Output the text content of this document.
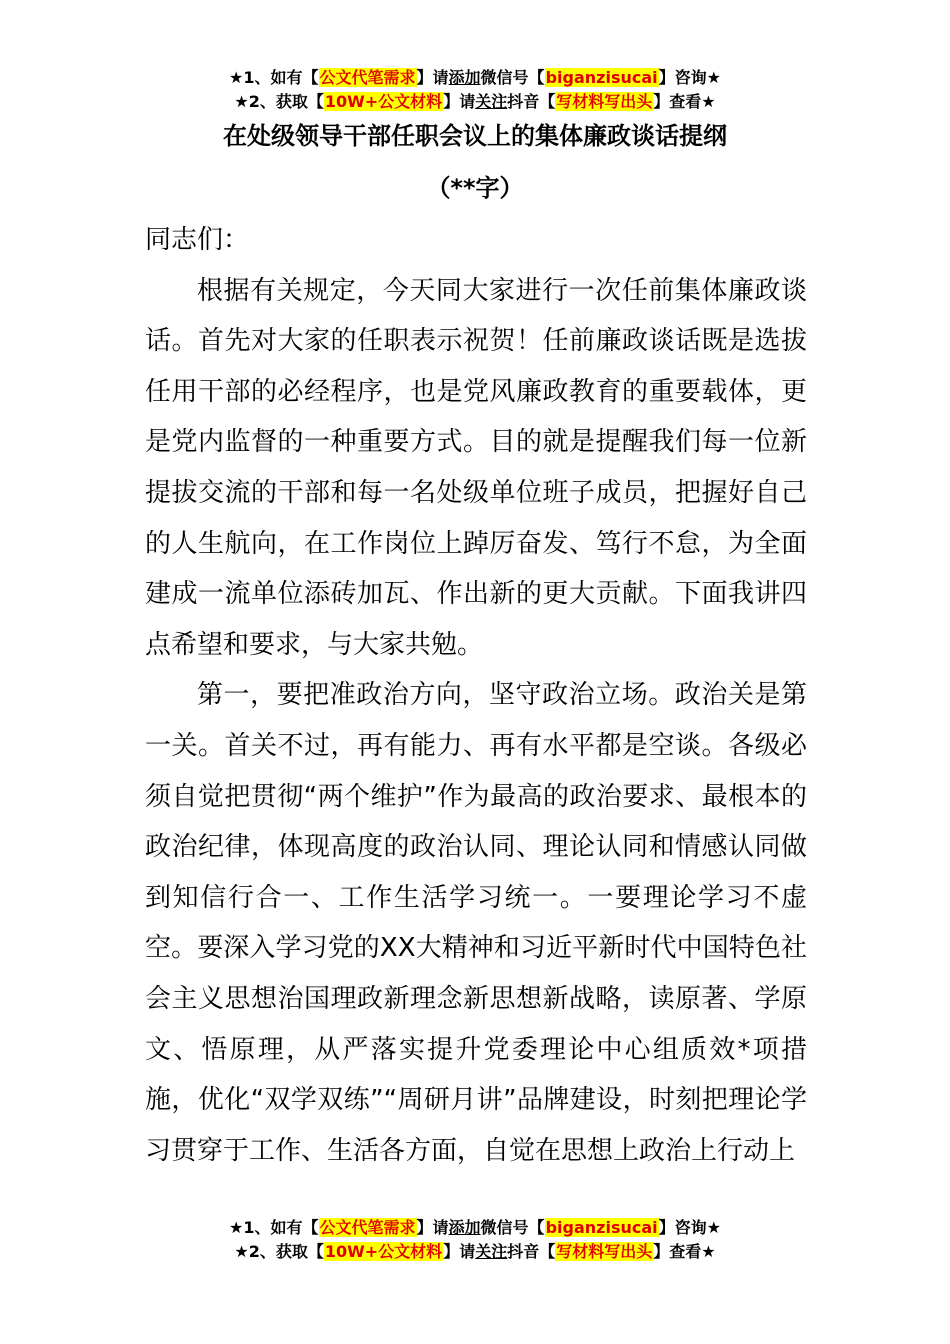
★1、如有【公文代笔需求】请添加微信号【biganzisucai】咨询★
★2、获取【10W+公文材料】请关注抖音【写材料写出头】查看★
在处级领导干部任职会议上的集体廉政谈话提纲
（**字）

同志们：

根据有关规定，今天同大家进行一次任前集体廉政谈话。首先对大家的任职表示祝贺！任前廉政谈话既是选拔任用干部的必经程序，也是党风廉政教育的重要载体，更是党内监督的一种重要方式。目的就是提醒我们每一位新提拔交流的干部和每一名处级单位班子成员，把握好自己的人生航向，在工作岗位上踔厉奋发、笃行不怠，为全面建成一流单位添砖加瓦、作出新的更大贡献。下面我讲四点希望和要求，与大家共勉。

第一，要把准政治方向，坚守政治立场。政治关是第一关。首关不过，再有能力、再有水平都是空谈。各级必须自觉把贯彻“两个维护”作为最高的政治要求、最根本的政治纪律，体现高度的政治认同、理论认同和情感认同做到知信行合一、工作生活学习统一。一要理论学习不虚空。要深入学习党的XX大精神和习近平新时代中国特色社会主义思想治国理政新理念新思想新战略，读原著、学原文、悟原理，从严落实提升党委理论中心组质效*项措施，优化“双学双练”“周研月讲”品牌建设，时刻把理论学习贯穿于工作、生活各方面，自觉在思想上政治上行动上

★1、如有【公文代笔需求】请添加微信号【biganzisucai】咨询★
★2、获取【10W+公文材料】请关注抖音【写材料写出头】查看★
